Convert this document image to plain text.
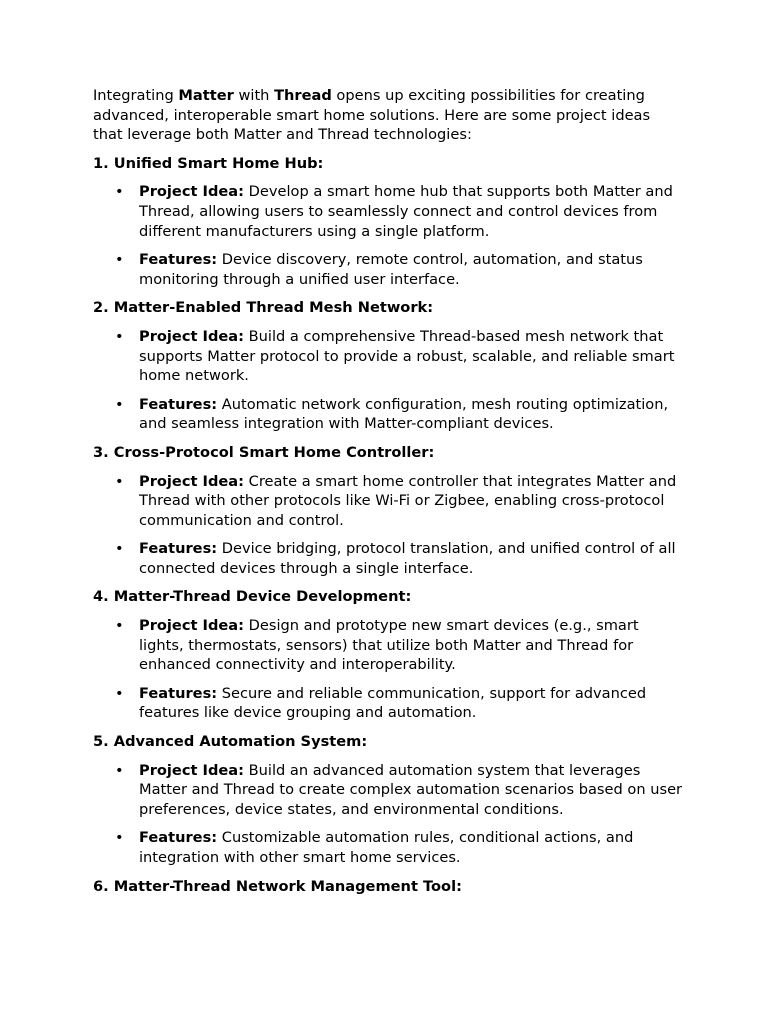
Integrating Matter with Thread opens up exciting possibilities for creating advanced, interoperable smart home solutions. Here are some project ideas that leverage both Matter and Thread technologies:

1. Unified Smart Home Hub:
• Project Idea: Develop a smart home hub that supports both Matter and Thread, allowing users to seamlessly connect and control devices from different manufacturers using a single platform.
• Features: Device discovery, remote control, automation, and status monitoring through a unified user interface.
2. Matter-Enabled Thread Mesh Network:
• Project Idea: Build a comprehensive Thread-based mesh network that supports Matter protocol to provide a robust, scalable, and reliable smart home network.
• Features: Automatic network configuration, mesh routing optimization, and seamless integration with Matter-compliant devices.
3. Cross-Protocol Smart Home Controller:
• Project Idea: Create a smart home controller that integrates Matter and Thread with other protocols like Wi-Fi or Zigbee, enabling cross-protocol communication and control.
• Features: Device bridging, protocol translation, and unified control of all connected devices through a single interface.
4. Matter-Thread Device Development:
• Project Idea: Design and prototype new smart devices (e.g., smart lights, thermostats, sensors) that utilize both Matter and Thread for enhanced connectivity and interoperability.
• Features: Secure and reliable communication, support for advanced features like device grouping and automation.
5. Advanced Automation System:
• Project Idea: Build an advanced automation system that leverages Matter and Thread to create complex automation scenarios based on user preferences, device states, and environmental conditions.
• Features: Customizable automation rules, conditional actions, and integration with other smart home services.
6. Matter-Thread Network Management Tool:
